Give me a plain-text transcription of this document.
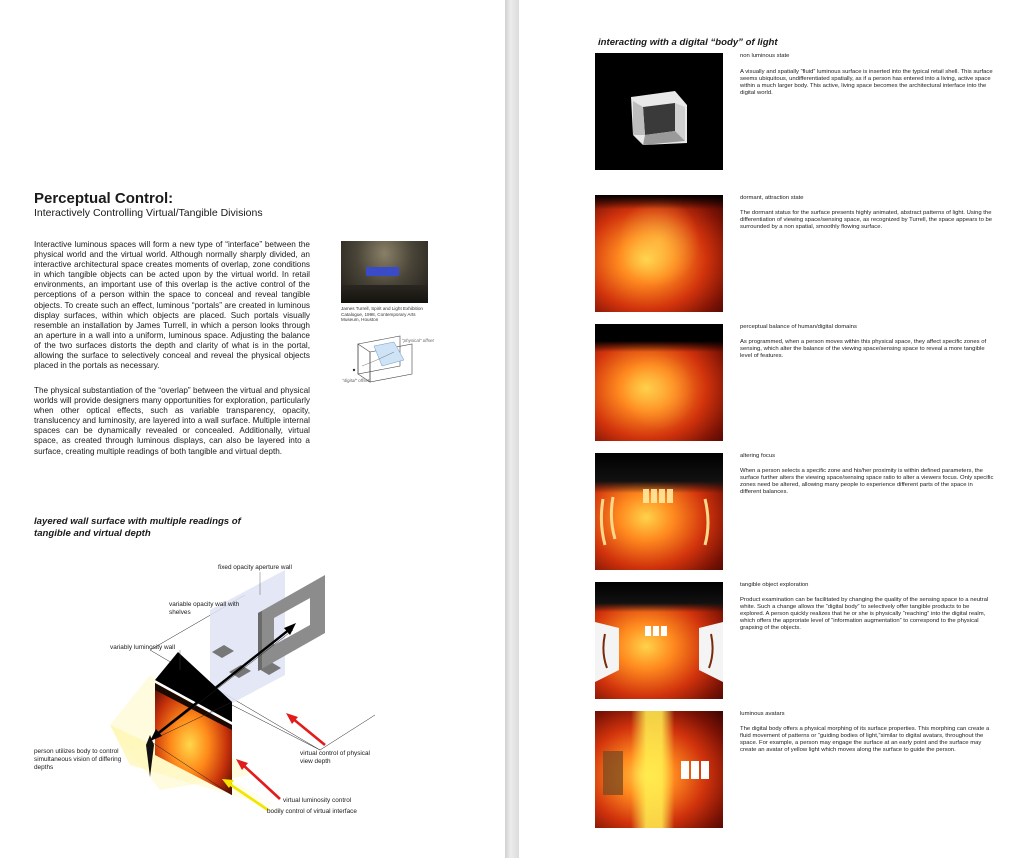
Perceptual Control:
Interactively Controlling Virtual/Tangible Divisions

Interactive luminous spaces will form a new type of “interface” between the physical world and the virtual world. Although normally sharply divided, an interactive architectural space creates moments of overlap, zone conditions in which tangible objects can be acted upon by the virtual world. In retail environments, an important use of this overlap is the active control of the perceptions of a person within the space to conceal and reveal tangible objects. To create such an effect, luminous “portals” are created in luminous display surfaces, within which objects are placed. Such portals visually resemble an installation by James Turrell, in which a person looks through an aperture in a wall into a uniform, luminous space. Adjusting the balance of the two surfaces distorts the depth and clarity of what is in the portal, allowing the surface to selectively conceal and reveal the physical objects placed in the portals as necessary.

The physical substantiation of the “overlap” between the virtual and physical worlds will provide designers many opportunities for exploration, particularly when other optical effects, such as variable transparency, opacity, translucency and luminosity, are layered into a wall surface. Multiple internal spaces can be dynamically revealed or concealed. Additionally, virtual space, as created through luminous displays, can also be layered into a surface, creating multiple readings of both tangible and virtual depth.

James Turrell, Spirit and Light Exhibition Catalogue, 1998, Contemporary Arts Museum, Houston
"physical" offset
"digital" offset
layered wall surface with multiple readings of tangible and virtual depth
fixed opacity aperture wall
variable opacity wall with shelves
variably luminosity wall
person utilizes body to control simultaneous vision of differing depths
virtual control of physical view depth
virtual luminosity control
bodily control of virtual interface
interacting with a digital “body” of light
non luminous state
A visually and spatially “fluid” luminous surface is inserted into the typical retail shell. This surface seems ubiquitous, undifferentiated spatially, as if a person has entered into a living, active space within a much larger body. This active, living space becomes the architectural interface into the digital world.
dormant, attraction state
The dormant status for the surface presents highly animated, abstract patterns of light. Using the differentiation of viewing space/sensing space, as recognized by Turrell, the space appears to be surrounded by a non spatial, smoothly flowing surface.
perceptual balance of human/digital domains
As programmed, when a person moves within this physical space, they affect specific zones of sensing, which alter the balance of the viewing space/sensing space to reveal a more tangible level of features.
altering focus
When a person selects a specific zone and his/her proximity is within defined parameters, the surface further alters the viewing space/sensing space ratio to alter a viewers focus. Only specific zones need be altered, allowing many people to experience different parts of the space in different balances.
tangible object exploration
Product examination can be facilitated by changing the quality of the sensing space to a neutral white. Such a change allows the “digital body” to selectively offer tangible products to be explored. A person quickly realizes that he or she is physically “reaching” into the digital realm, which offers the approriate level of “information augmentation” to correspond to the physical grapsing of the objects.
luminous avatars
The digital body offers a physical morphing of its surface properties. This morphing can create a fluid movement of patterns or “guiding bodies of light,”similar to digital avatars, throughout the space. For example, a person may engage the surface at an early point and the surface may create an avatar of yellow light which moves along the surface to guide the person.
